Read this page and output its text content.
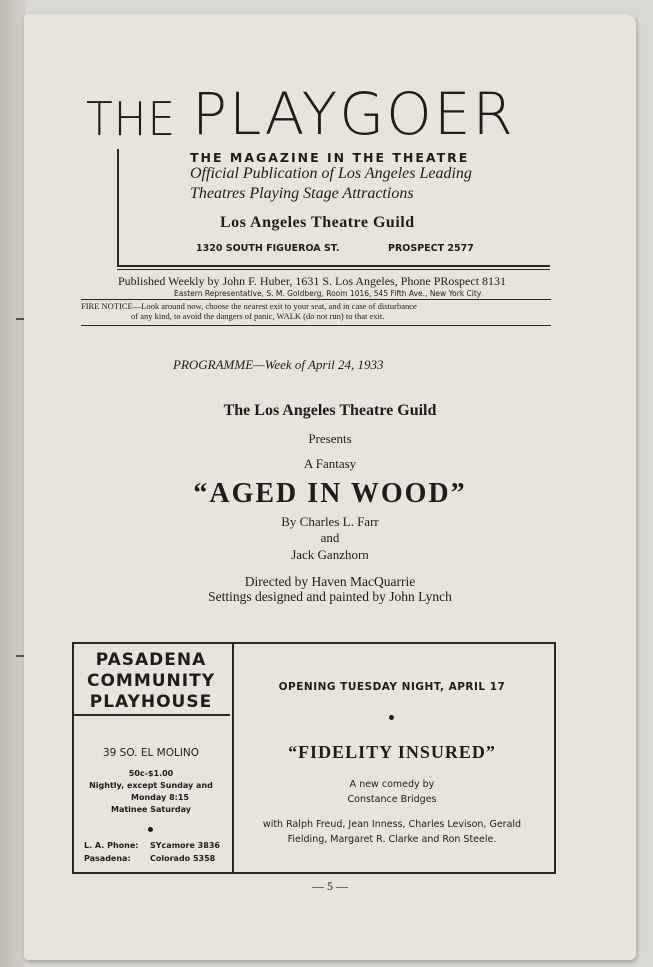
THE PLAYGOER
THE MAGAZINE IN THE THEATRE
Official Publication of Los Angeles Leading
Theatres Playing Stage Attractions
Los Angeles Theatre Guild
1320 SOUTH FIGUEROA ST.	PROSPECT 2577
Published Weekly by John F. Huber, 1631 S. Los Angeles, Phone PRospect 8131
Eastern Representative, S. M. Goldberg, Room 1016, 545 Fifth Ave., New York City
FIRE NOTICE—Look around now, choose the nearest exit to your seat, and in case of disturbance
of any kind, to avoid the dangers of panic, WALK (do not run) to that exit.
PROGRAMME—Week of April 24, 1933
The Los Angeles Theatre Guild
Presents
A Fantasy
“AGED IN WOOD”
By Charles L. Farr
and
Jack Ganzhorn
Directed by Haven MacQuarrie
Settings designed and painted by John Lynch
PASADENA
COMMUNITY
PLAYHOUSE
39 SO. EL MOLINO
50c-$1.00
Nightly, except Sunday and
Monday 8:15
Matinee Saturday
L. A. Phone: SYcamore 3836
Pasadena: Colorado 5358
OPENING TUESDAY NIGHT, APRIL 17
“FIDELITY INSURED”
A new comedy by
Constance Bridges
with Ralph Freud, Jean Inness, Charles Levison, Gerald
Fielding, Margaret R. Clarke and Ron Steele.
— 5 —
